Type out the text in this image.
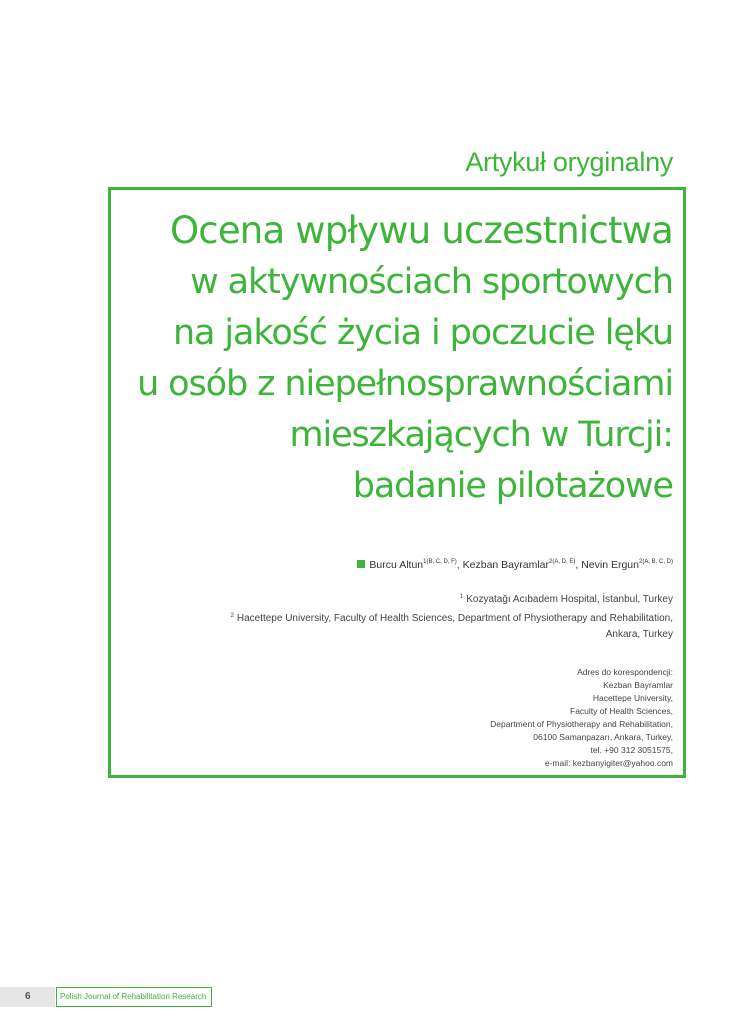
Artykuł oryginalny
Ocena wpływu uczestnictwa
w aktywnościach sportowych
na jakość życia i poczucie lęku
u osób z niepełnosprawnościami
mieszkających w Turcji:
badanie pilotażowe
Burcu Altun$^{1(B, C, D, F)}$, Kezban Bayramlar$^{2(A, D, E)}$, Nevin Ergun$^{2(A, B, C, D)}$
$^1$ Kozyatağı Acıbadem Hospital, İstanbul, Turkey
$^2$ Hacettepe University, Faculty of Health Sciences, Department of Physiotherapy and Rehabilitation,
Ankara, Turkey
Adres do korespondencji:
Kezban Bayramlar
Hacettepe University,
Faculty of Health Sciences,
Department of Physiotherapy and Rehabilitation,
06100 Samanpazarı, Ankara, Turkey,
tel. +90 312 3051575,
e-mail: kezbanyigiter@yahoo.com
6	Polish Journal of Rehabilitation Research
